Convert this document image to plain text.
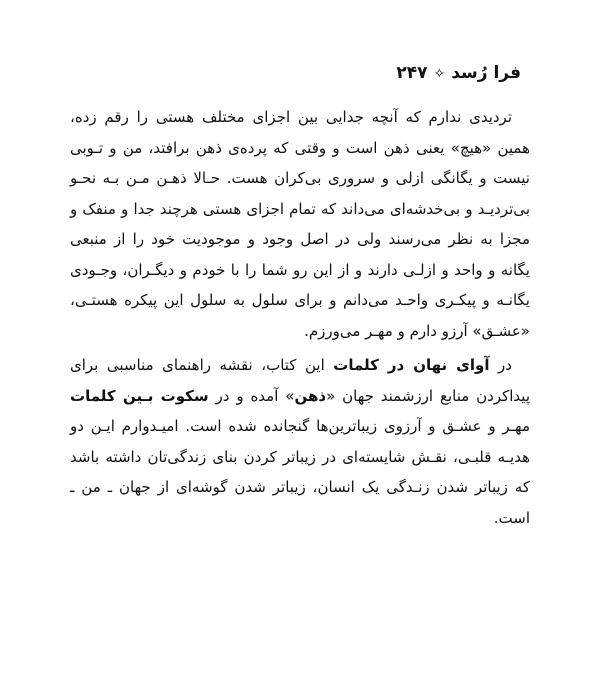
فرا رُسد✧۲۴۷

تردیدی ندارم که آنچه جدایی بین اجزای مختلف هستی را رقم زده، همین «هیچ» یعنی ذهن است و وقتی که پرده‌ی ذهن برافتد، من و تـوبی نیست و یگانگی ازلی و سروری بی‌کران هست. حـالا ذهـن مـن بـه نحـو بی‌تردیـد و بی‌خدشه‌ای می‌داند که تمام اجزای هستی هرچند جدا و منفک و مجزا به نظر می‌رسند ولی در اصل وجود و موجودیت خود را از منبعی یگانه و واحد و ازلـی دارند و از این رو شما را با خودم و دیگـران، وجـودی یگانـه و پیکـری واحـد می‌دانم و برای سلول به سلول این پیکره هستـی، «عشـق» آرزو دارم و مهـر می‌ورزم.

در آوای نهان در کلمات این کتاب، نقشه راهنمای مناسبی برای پیداکردن منابع ارزشمند جهان «ذهن» آمده و در سکوت بـین کلمات مهـر و عشـق و آرزوی زیباترین‌ها گنجانده شده است. امیـدوارم ایـن دو هدیـه قلبـی، نقـش شایسته‌ای در زیباتر کردن بنای زندگی‌تان داشته باشد که زیباتر شدن زنـدگی یک انسان، زیباتر شدن گوشه‌ای از جهان ـ من ـ است.
